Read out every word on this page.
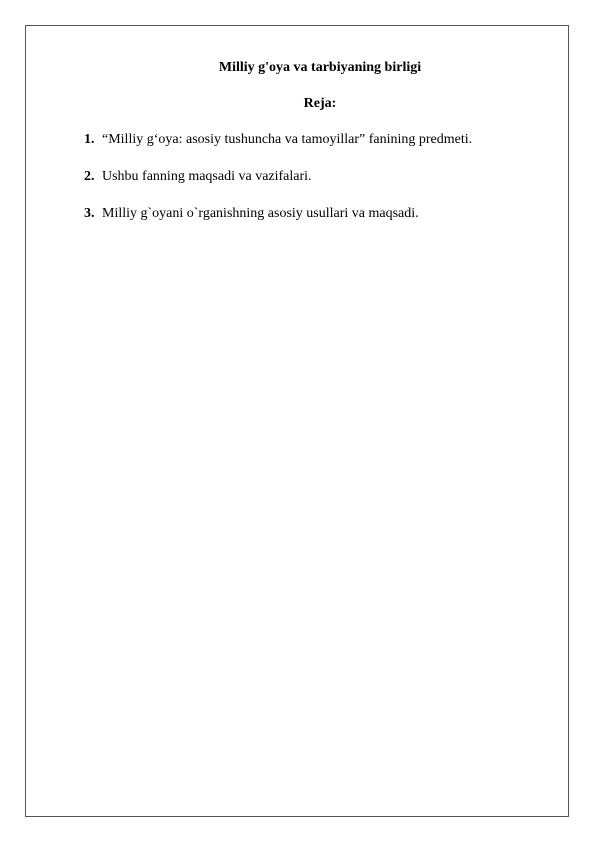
Milliy g'oya va tarbiyaning birligi
Reja:
1. “Milliy g‘oya: asosiy tushuncha va tamoyillar” fanining predmeti.
2. Ushbu fanning maqsadi va vazifalari.
3. Milliy g`oyani o`rganishning asosiy usullari va maqsadi.
